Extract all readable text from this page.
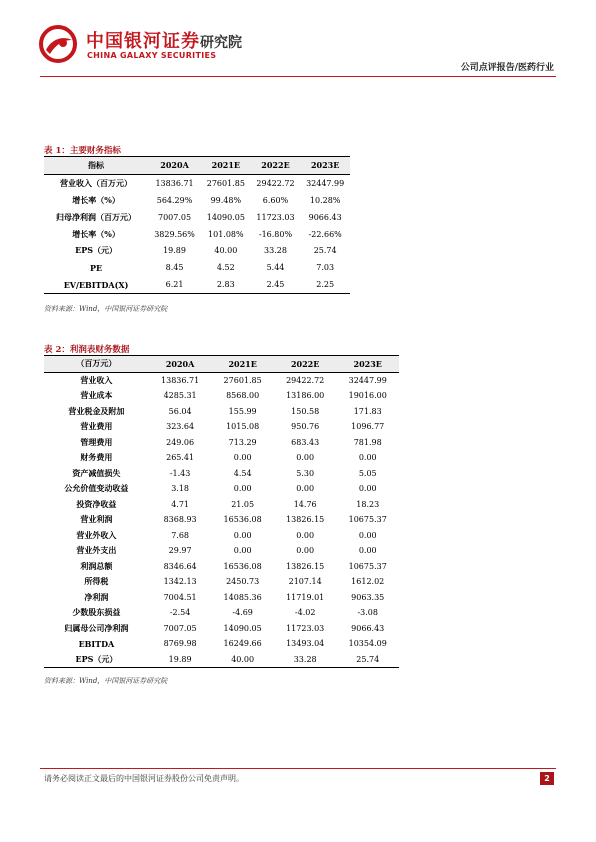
中国银河证券
CHINA GALAXY SECURITIES
研究院
公司点评报告/医药行业
表 1：主要财务指标
指标	2020A	2021E	2022E	2023E
营业收入（百万元）	13836.71	27601.85	29422.72	32447.99
增长率（%）	564.29%	99.48%	6.60%	10.28%
归母净利润（百万元）	7007.05	14090.05	11723.03	9066.43
增长率（%）	3829.56%	101.08%	-16.80%	-22.66%
EPS（元）	19.89	40.00	33.28	25.74
PE	8.45	4.52	5.44	7.03
EV/EBITDA(X)	6.21	2.83	2.45	2.25
资料来源：Wind，中国银河证券研究院
表 2：利润表财务数据
（百万元）	2020A	2021E	2022E	2023E
营业收入	13836.71	27601.85	29422.72	32447.99
营业成本	4285.31	8568.00	13186.00	19016.00
营业税金及附加	56.04	155.99	150.58	171.83
营业费用	323.64	1015.08	950.76	1096.77
管理费用	249.06	713.29	683.43	781.98
财务费用	265.41	0.00	0.00	0.00
资产减值损失	-1.43	4.54	5.30	5.05
公允价值变动收益	3.18	0.00	0.00	0.00
投资净收益	4.71	21.05	14.76	18.23
营业利润	8368.93	16536.08	13826.15	10675.37
营业外收入	7.68	0.00	0.00	0.00
营业外支出	29.97	0.00	0.00	0.00
利润总额	8346.64	16536.08	13826.15	10675.37
所得税	1342.13	2450.73	2107.14	1612.02
净利润	7004.51	14085.36	11719.01	9063.35
少数股东损益	-2.54	-4.69	-4.02	-3.08
归属母公司净利润	7007.05	14090.05	11723.03	9066.43
EBITDA	8769.98	16249.66	13493.04	10354.09
EPS（元）	19.89	40.00	33.28	25.74
资料来源：Wind，中国银河证券研究院
请务必阅读正文最后的中国银河证券股份公司免责声明。	2
